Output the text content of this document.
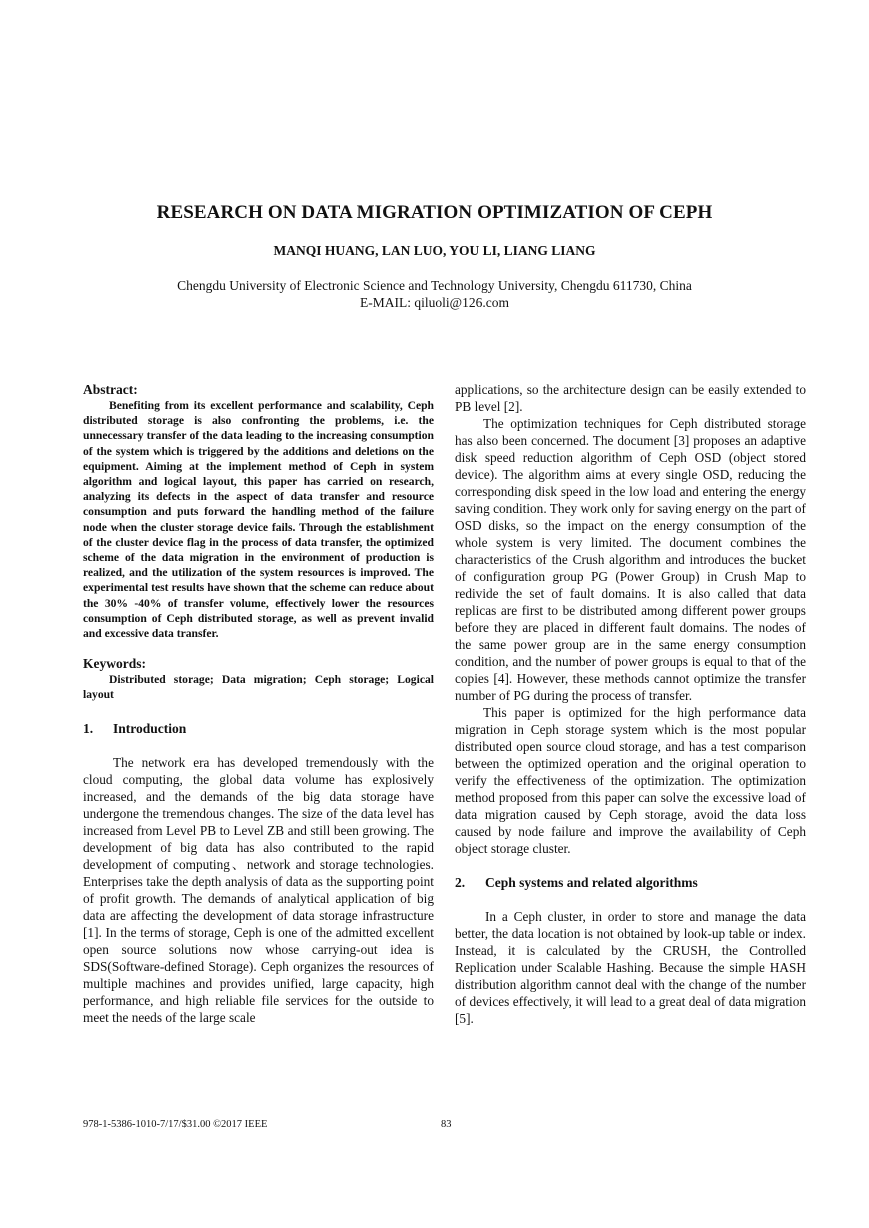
RESEARCH ON DATA MIGRATION OPTIMIZATION OF CEPH
MANQI HUANG, LAN LUO, YOU LI, LIANG LIANG
Chengdu University of Electronic Science and Technology University, Chengdu 611730, China
E-MAIL: qiluoli@126.com
Abstract:

Benefiting from its excellent performance and scalability, Ceph distributed storage is also confronting the problems, i.e. the unnecessary transfer of the data leading to the increasing consumption of the system which is triggered by the additions and deletions on the equipment. Aiming at the implement method of Ceph in system algorithm and logical layout, this paper has carried on research, analyzing its defects in the aspect of data transfer and resource consumption and puts forward the handling method of the failure node when the cluster storage device fails. Through the establishment of the cluster device flag in the process of data transfer, the optimized scheme of the data migration in the environment of production is realized, and the utilization of the system resources is improved. The experimental test results have shown that the scheme can reduce about the 30% -40% of transfer volume, effectively lower the resources consumption of Ceph distributed storage, as well as prevent invalid and excessive data transfer.

Keywords:

Distributed storage; Data migration; Ceph storage; Logical layout

1. Introduction

The network era has developed tremendously with the cloud computing, the global data volume has explosively increased, and the demands of the big data storage have undergone the tremendous changes. The size of the data level has increased from Level PB to Level ZB and still been growing. The development of big data has also contributed to the rapid development of computing、network and storage technologies. Enterprises take the depth analysis of data as the supporting point of profit growth. The demands of analytical application of big data are affecting the development of data storage infrastructure [1]. In the terms of storage, Ceph is one of the admitted excellent open source solutions now whose carrying-out idea is SDS(Software-defined Storage). Ceph organizes the resources of multiple machines and provides unified, large capacity, high performance, and high reliable file services for the outside to meet the needs of the large scale

applications, so the architecture design can be easily extended to PB level [2].

The optimization techniques for Ceph distributed storage has also been concerned. The document [3] proposes an adaptive disk speed reduction algorithm of Ceph OSD (object stored device). The algorithm aims at every single OSD, reducing the corresponding disk speed in the low load and entering the energy saving condition. They work only for saving energy on the part of OSD disks, so the impact on the energy consumption of the whole system is very limited. The document combines the characteristics of the Crush algorithm and introduces the bucket of configuration group PG (Power Group) in Crush Map to redivide the set of fault domains. It is also called that data replicas are first to be distributed among different power groups before they are placed in different fault domains. The nodes of the same power group are in the same energy consumption condition, and the number of power groups is equal to that of the copies [4]. However, these methods cannot optimize the transfer number of PG during the process of transfer.

This paper is optimized for the high performance data migration in Ceph storage system which is the most popular distributed open source cloud storage, and has a test comparison between the optimized operation and the original operation to verify the effectiveness of the optimization. The optimization method proposed from this paper can solve the excessive load of data migration caused by Ceph storage, avoid the data loss caused by node failure and improve the availability of Ceph object storage cluster.

2. Ceph systems and related algorithms

In a Ceph cluster, in order to store and manage the data better, the data location is not obtained by look-up table or index. Instead, it is calculated by the CRUSH, the Controlled Replication under Scalable Hashing. Because the simple HASH distribution algorithm cannot deal with the change of the number of devices effectively, it will lead to a great deal of data migration [5].

978-1-5386-1010-7/17/$31.00 ©2017 IEEE	83
